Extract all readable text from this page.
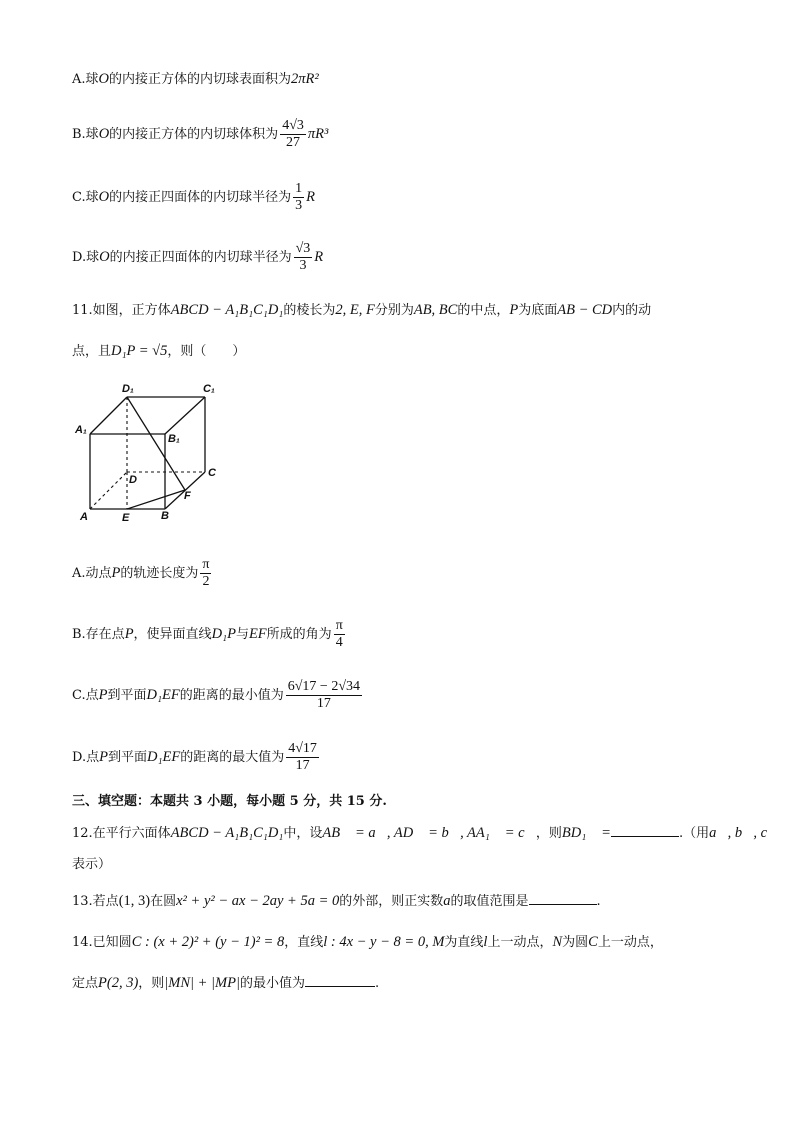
A.球O的内接正方体的内切球表面积为2πR²
B.球O的内接正方体的内切球体积为 $\frac{4√3}{27} \pi R^3$
C.球O的内接正四面体的内切球半径为 $\frac{1}{3}$ R
D.球O的内接正四面体的内切球半径为 $\frac{√3}{3}$ R
11.如图，正方体ABCD − A₁B₁C₁D₁的棱长为2, E, F分别为AB, BC的中点，P为底面AB − CD内的动
点，且D₁P = √5，则（　　）
D₁	C₁
A₁
B₁
D
C
A	E	B
F
A.动点P的轨迹长度为 $\frac{\pi}{2}$
B.存在点P，使异面直线D₁P与EF所成的角为 $\frac{\pi}{4}$
C.点P到平面D₁EF的距离的最小值为 $\frac{6√17 - 2√34}{17}$
D.点P到平面D₁EF的距离的最大值为 $\frac{4√17}{17}$
三、填空题：本题共 3 小题，每小题 5 分，共 15 分.
12.在平行六面体ABCD − A₁B₁C₁D₁中，设AB⃗ = a⃗, AD⃗ = b⃗, AA₁⃗ = c⃗，则BD₁⃗ =	.（用a⃗, b⃗, c⃗
表示）
13.若点(1, 3)在圆x² + y² − ax − 2ay + 5a = 0的外部，则正实数a的取值范围是	.
14.已知圆C : (x + 2)² + (y − 1)² = 8，直线l : 4x − y − 8 = 0, M为直线l上一动点，N为圆C上一动点，
定点P(2, 3)，则|MN| + |MP|的最小值为	.
